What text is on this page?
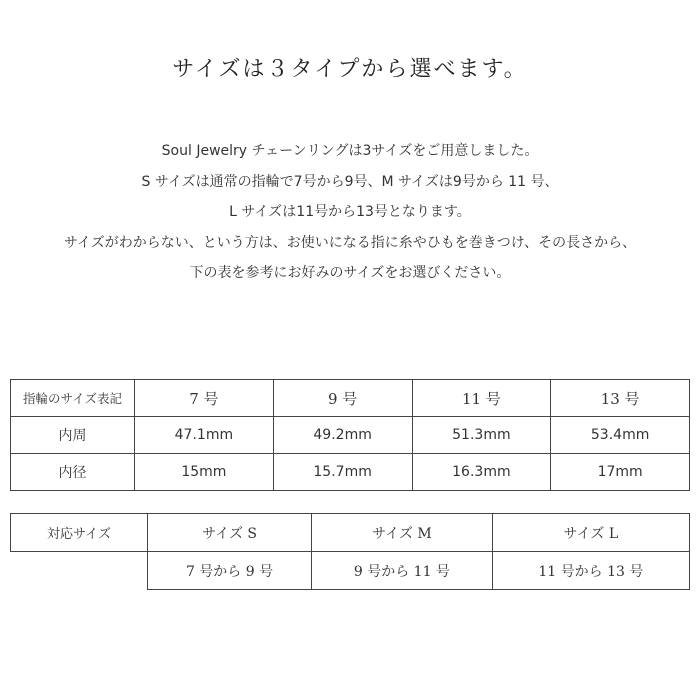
サイズは３タイプから選べます。
Soul Jewelry チェーンリングは3サイズをご用意しました。
S サイズは通常の指輪で7号から9号、M サイズは9号から 11 号、
L サイズは11号から13号となります。
サイズがわからない、という方は、お使いになる指に糸やひもを巻きつけ、その長さから、
下の表を参考にお好みのサイズをお選びください。
指輪のサイズ表記	7 号	9 号	11 号	13 号
内周	47.1mm	49.2mm	51.3mm	53.4mm
内径	15mm	15.7mm	16.3mm	17mm
対応サイズ	サイズ S	サイズ M	サイズ L
	7 号から 9 号	9 号から 11 号	11 号から 13 号
